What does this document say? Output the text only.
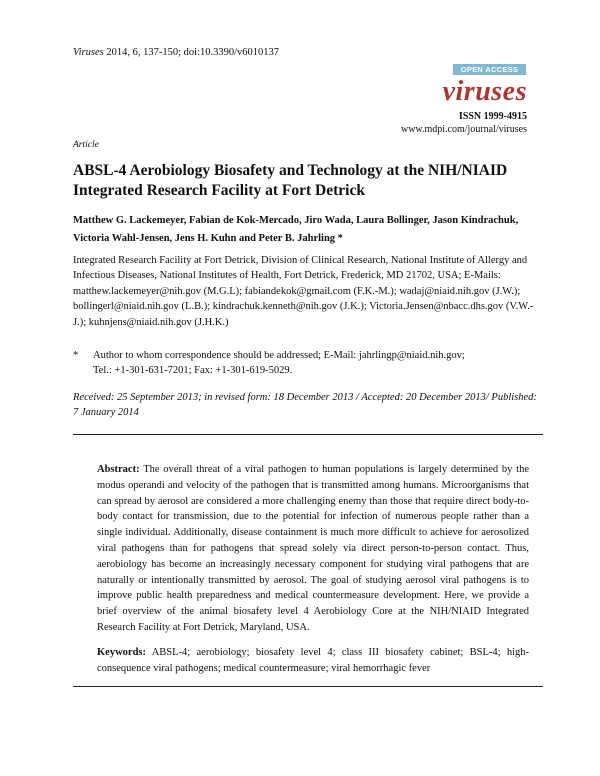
Viruses 2014, 6, 137-150; doi:10.3390/v6010137
OPEN ACCESS
viruses
ISSN 1999-4915
www.mdpi.com/journal/viruses
Article
ABSL-4 Aerobiology Biosafety and Technology at the NIH/NIAID Integrated Research Facility at Fort Detrick
Matthew G. Lackemeyer, Fabian de Kok-Mercado, Jiro Wada, Laura Bollinger, Jason Kindrachuk, Victoria Wahl-Jensen, Jens H. Kuhn and Peter B. Jahrling *
Integrated Research Facility at Fort Detrick, Division of Clinical Research, National Institute of Allergy and Infectious Diseases, National Institutes of Health, Fort Detrick, Frederick, MD 21702, USA; E-Mails: matthew.lackemeyer@nih.gov (M.G.L); fabiandekok@gmail.com (F.K.-M.); wadaj@niaid.nih.gov (J.W.); bollingerl@niaid.nih.gov (L.B.); kindrachuk.kenneth@nih.gov (J.K.); Victoria.Jensen@nbacc.dhs.gov (V.W.-J.); kuhnjens@niaid.nih.gov (J.H.K.)
* Author to whom correspondence should be addressed; E-Mail: jahrlingp@niaid.nih.gov;
Tel.: +1-301-631-7201; Fax: +1-301-619-5029.
Received: 25 September 2013; in revised form: 18 December 2013 / Accepted: 20 December 2013/ Published: 7 January 2014
Abstract: The overall threat of a viral pathogen to human populations is largely determined by the modus operandi and velocity of the pathogen that is transmitted among humans. Microorganisms that can spread by aerosol are considered a more challenging enemy than those that require direct body-to-body contact for transmission, due to the potential for infection of numerous people rather than a single individual. Additionally, disease containment is much more difficult to achieve for aerosolized viral pathogens than for pathogens that spread solely via direct person-to-person contact. Thus, aerobiology has become an increasingly necessary component for studying viral pathogens that are naturally or intentionally transmitted by aerosol. The goal of studying aerosol viral pathogens is to improve public health preparedness and medical countermeasure development. Here, we provide a brief overview of the animal biosafety level 4 Aerobiology Core at the NIH/NIAID Integrated Research Facility at Fort Detrick, Maryland, USA.
Keywords: ABSL-4; aerobiology; biosafety level 4; class III biosafety cabinet; BSL-4; high-consequence viral pathogens; medical countermeasure; viral hemorrhagic fever
